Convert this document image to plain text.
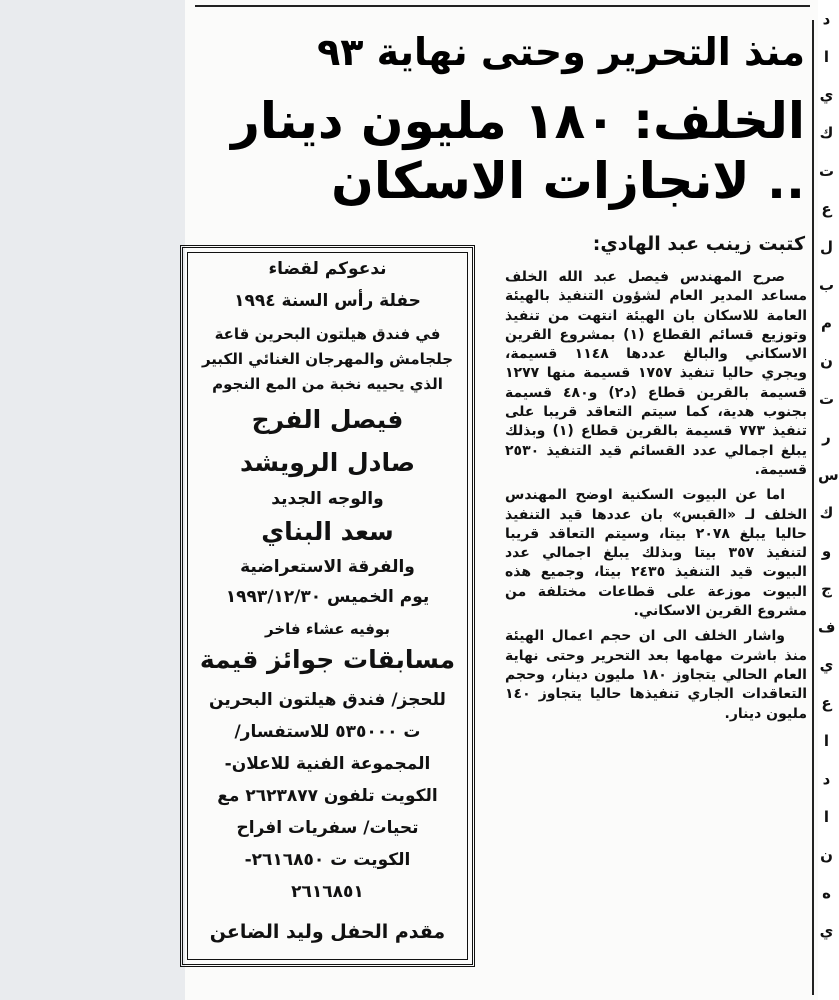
د
ا
ي
ك
ت
ع
ل
ب
م
ن
ت
ر
س
ك
و
ج
ف
ي
ع
ا
د
ا
ن
ه
ي
منذ التحرير وحتى نهاية ٩٣
الخلف: ١٨٠ مليون دينار
.. لانجازات الاسكان
كتبت زينب عبد الهادي:

صرح المهندس فيصل عبد الله الخلف مساعد المدير العام لشؤون التنفيذ بالهيئة العامة للاسكان بان الهيئة انتهت من تنفيذ وتوزيع قسائم القطاع (١) بمشروع القرين الاسكاني والبالغ عددها ١١٤٨ قسيمة، ويجري حاليا تنفيذ ١٧٥٧ قسيمة منها ١٢٧٧ قسيمة بالقرين قطاع (د٢) و٤٨٠ قسيمة بجنوب هدية، كما سيتم التعاقد قريبا على تنفيذ ٧٧٣ قسيمة بالقرين قطاع (١) وبذلك يبلغ اجمالي عدد القسائم قيد التنفيذ ٢٥٣٠ قسيمة.

اما عن البيوت السكنية اوضح المهندس الخلف لـ «القبس» بان عددها قيد التنفيذ حاليا يبلغ ٢٠٧٨ بيتا، وسيتم التعاقد قريبا لتنفيذ ٣٥٧ بيتا وبذلك يبلغ اجمالي عدد البيوت قيد التنفيذ ٢٤٣٥ بيتا، وجميع هذه البيوت موزعة على قطاعات مختلفة من مشروع القرين الاسكاني.

واشار الخلف الى ان حجم اعمال الهيئة منذ باشرت مهامها بعد التحرير وحتى نهاية العام الحالي يتجاوز ١٨٠ مليون دينار، وحجم التعاقدات الجاري تنفيذها حاليا يتجاوز ١٤٠ مليون دينار.

ندعوكم لقضاء
حفلة رأس السنة ١٩٩٤
في فندق هيلتون البحرين قاعة
جلجامش والمهرجان الغنائي الكبير
الذي يحييه نخبة من المع النجوم
فيصل الفرج
صادل الرويشد
والوجه الجديد
سعد البناي
والفرقة الاستعراضية
يوم الخميس ١٩٩٣/١٢/٣٠
بوفيه عشاء فاخر
مسابقات جوائز قيمة
للحجز/ فندق هيلتون البحرين
ت ٥٣٥٠٠٠ للاستفسار/
المجموعة الفنية للاعلان-
الكويت تلفون ٢٦٢٣٨٧٧ مع
تحيات/ سفريات افراح
الكويت ت ٢٦١٦٨٥٠-
٢٦١٦٨٥١
مقدم الحفل وليد الضاعن
